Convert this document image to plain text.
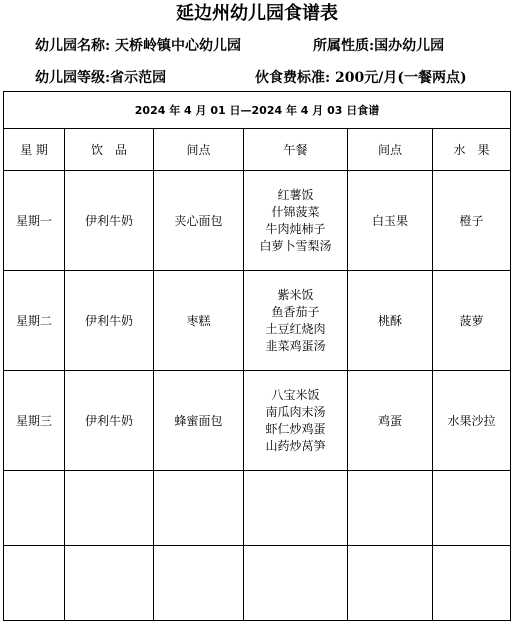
延边州幼儿园食谱表
幼儿园名称: 天桥岭镇中心幼儿园	所属性质:国办幼儿园
幼儿园等级:省示范园	伙食费标准: 200元/月(一餐两点)
2024 年 4 月 01 日—2024 年 4 月 03 日食谱					
星 期	饮　品	间点	午餐	间点	水　果
星期一	伊利牛奶	夹心面包	红薯饭
什锦菠菜
牛肉炖柿子
白萝卜雪梨汤	白玉果	橙子
星期二	伊利牛奶	枣糕	紫米饭
鱼香茄子
土豆红烧肉
韭菜鸡蛋汤	桃酥	菠萝
星期三	伊利牛奶	蜂蜜面包	八宝米饭
南瓜肉末汤
虾仁炒鸡蛋
山药炒莴笋	鸡蛋	水果沙拉
